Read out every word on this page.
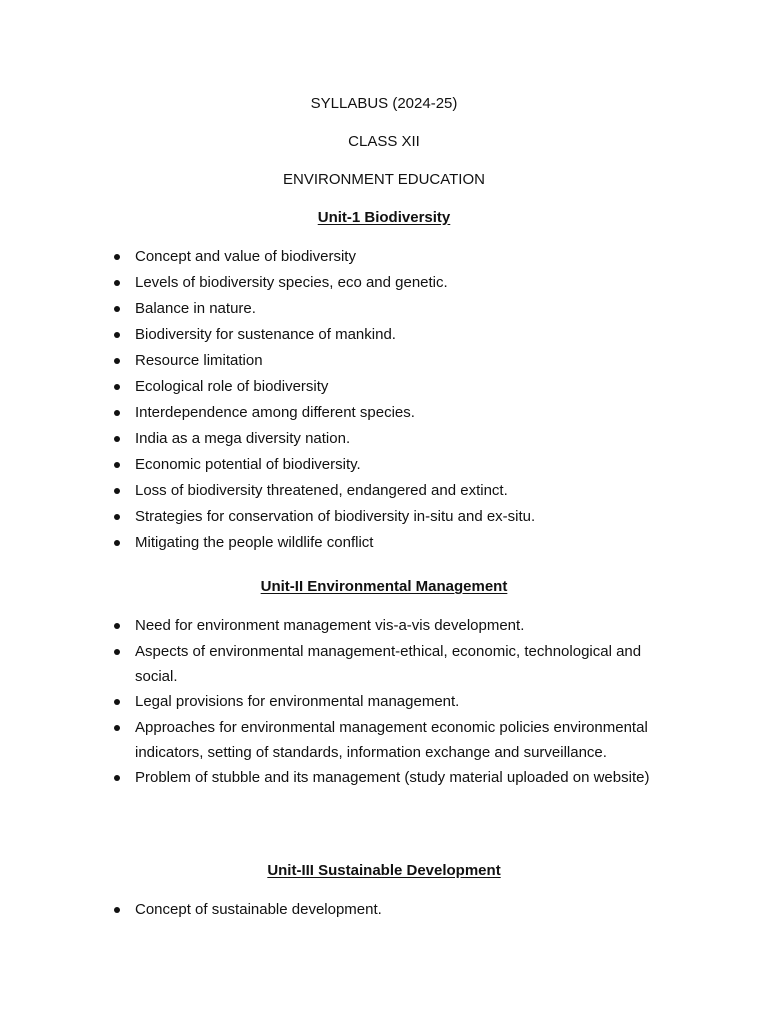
SYLLABUS (2024-25)
CLASS XII
ENVIRONMENT EDUCATION
Unit-1 Biodiversity
Concept and value of biodiversity
Levels of biodiversity species, eco and genetic.
Balance in nature.
Biodiversity for sustenance of mankind.
Resource limitation
Ecological role of biodiversity
Interdependence among different species.
India as a mega diversity nation.
Economic potential of biodiversity.
Loss of biodiversity threatened, endangered and extinct.
Strategies for conservation of biodiversity in-situ and ex-situ.
Mitigating the people wildlife conflict
Unit-II Environmental Management
Need for environment management vis-a-vis development.
Aspects of environmental management-ethical, economic, technological and social.
Legal provisions for environmental management.
Approaches for environmental management economic policies environmental indicators, setting of standards, information exchange and surveillance.
Problem of stubble and its management (study material uploaded on website)
Unit-III Sustainable Development
Concept of sustainable development.
